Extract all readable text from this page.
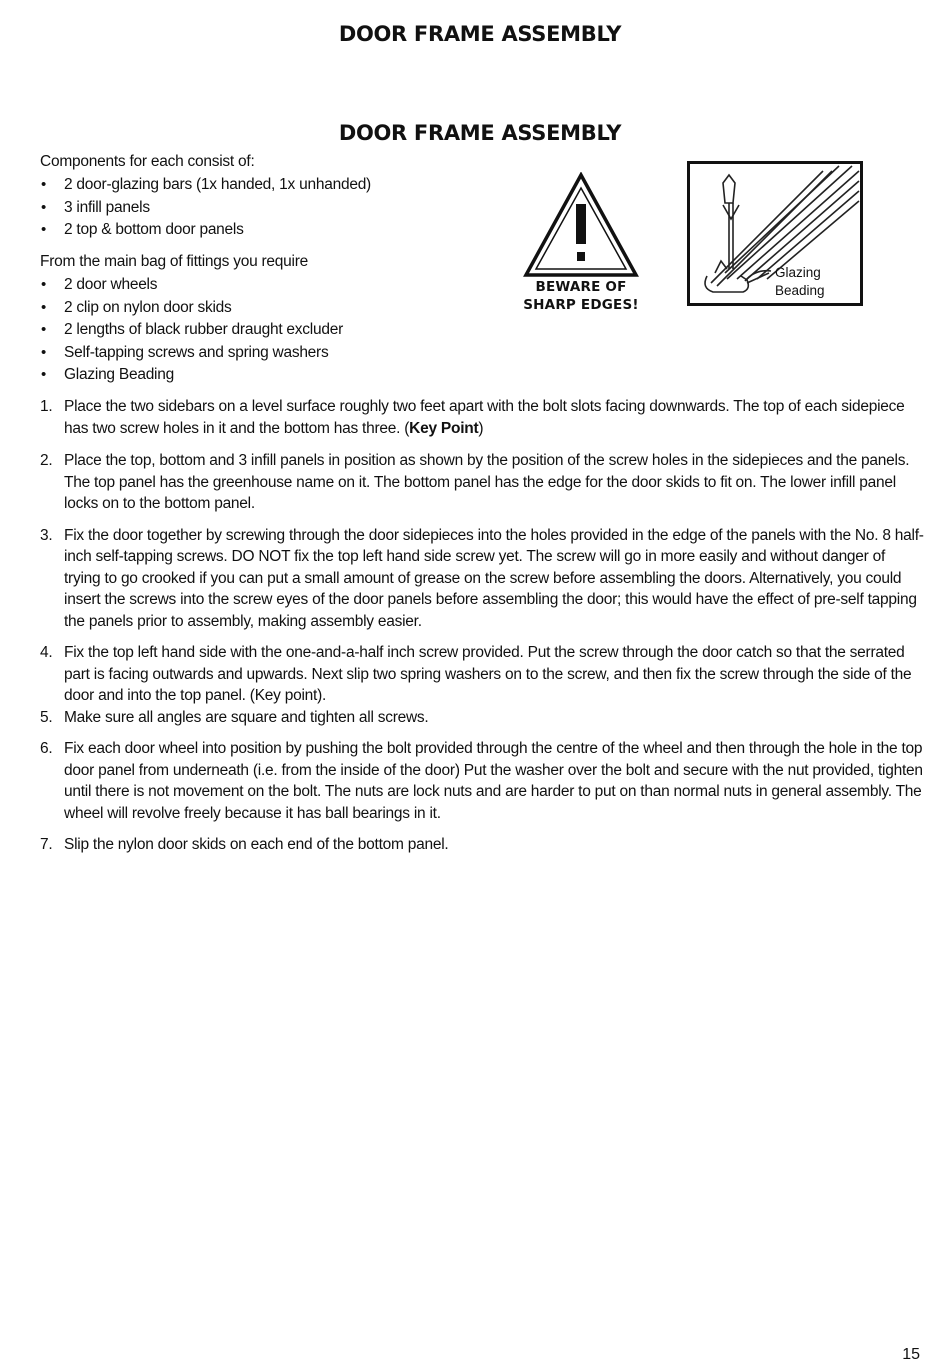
DOOR FRAME ASSEMBLY
DOOR FRAME ASSEMBLY

Components for each consist of:

• 2 door-glazing bars (1x handed, 1x unhanded)
• 3 infill panels
• 2 top & bottom door panels

From the main bag of fittings you require

• 2 door wheels
• 2 clip on nylon door skids
• 2 lengths of black rubber draught excluder
• Self-tapping screws and spring washers
• Glazing Beading
BEWARE OF
SHARP EDGES!
Glazing
Beading
1. Place the two sidebars on a level surface roughly two feet apart with the bolt slots facing downwards. The top of each sidepiece has two screw holes in it and the bottom has three. (Key Point)
2. Place the top, bottom and 3 infill panels in position as shown by the position of the screw holes in the sidepieces and the panels. The top panel has the greenhouse name on it. The bottom panel has the edge for the door skids to fit on. The lower infill panel locks on to the bottom panel.
3. Fix the door together by screwing through the door sidepieces into the holes provided in the edge of the panels with the No. 8 half-inch self-tapping screws. DO NOT fix the top left hand side screw yet. The screw will go in more easily and without danger of trying to go crooked if you can put a small amount of grease on the screw before assembling the doors. Alternatively, you could insert the screws into the screw eyes of the door panels before assembling the door; this would have the effect of pre-self tapping the panels prior to assembly, making assembly easier.
4. Fix the top left hand side with the one-and-a-half inch screw provided. Put the screw through the door catch so that the serrated part is facing outwards and upwards. Next slip two spring washers on to the screw, and then fix the screw through the side of the door and into the top panel. (Key point).
5. Make sure all angles are square and tighten all screws.
6. Fix each door wheel into position by pushing the bolt provided through the centre of the wheel and then through the hole in the top door panel from underneath (i.e. from the inside of the door) Put the washer over the bolt and secure with the nut provided, tighten until there is not movement on the bolt. The nuts are lock nuts and are harder to put on than normal nuts in general assembly. The wheel will revolve freely because it has ball bearings in it.
7. Slip the nylon door skids on each end of the bottom panel.
15
